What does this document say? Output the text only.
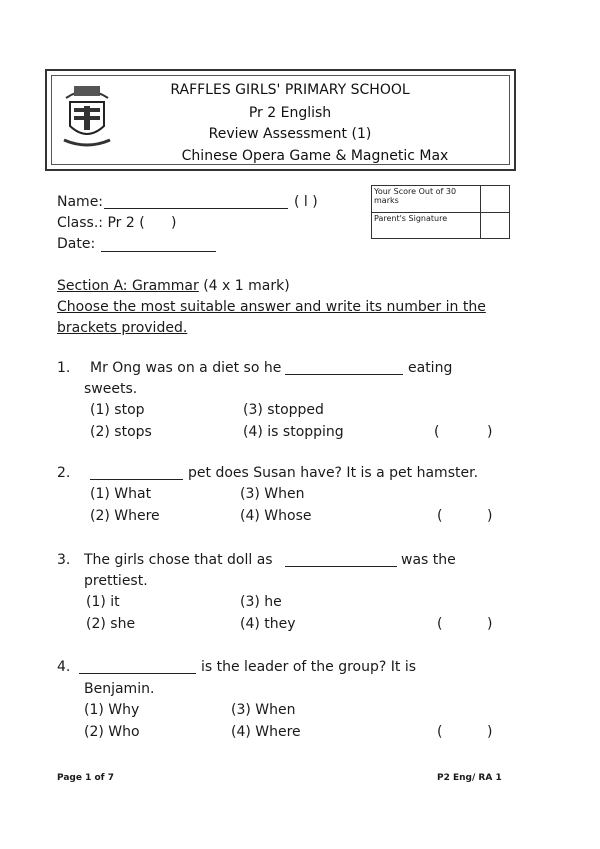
RAFFLES GIRLS' PRIMARY SCHOOL
Pr 2 English
Review Assessment (1)
Chinese Opera Game & Magnetic Max
Name:	( l )
Class.: Pr 2 ( )
Date:
Your Score Out of 30 marks	
Parent's Signature	
Section A: Grammar (4 x 1 mark)
Choose the most suitable answer and write its number in the
brackets provided.
1. Mr Ong was on a diet so he	eating
sweets.
(1) stop	(3) stopped
(2) stops	(4) is stopping	(	)
2.	pet does Susan have? It is a pet hamster.
(1) What	(3) When
(2) Where	(4) Whose	(	)
3. The girls chose that doll as	was the
prettiest.
(1) it	(3) he
(2) she	(4) they	(	)
4.	is the leader of the group? It is
Benjamin.
(1) Why	(3) When
(2) Who	(4) Where	(	)
Page 1 of 7	P2 Eng/ RA 1
